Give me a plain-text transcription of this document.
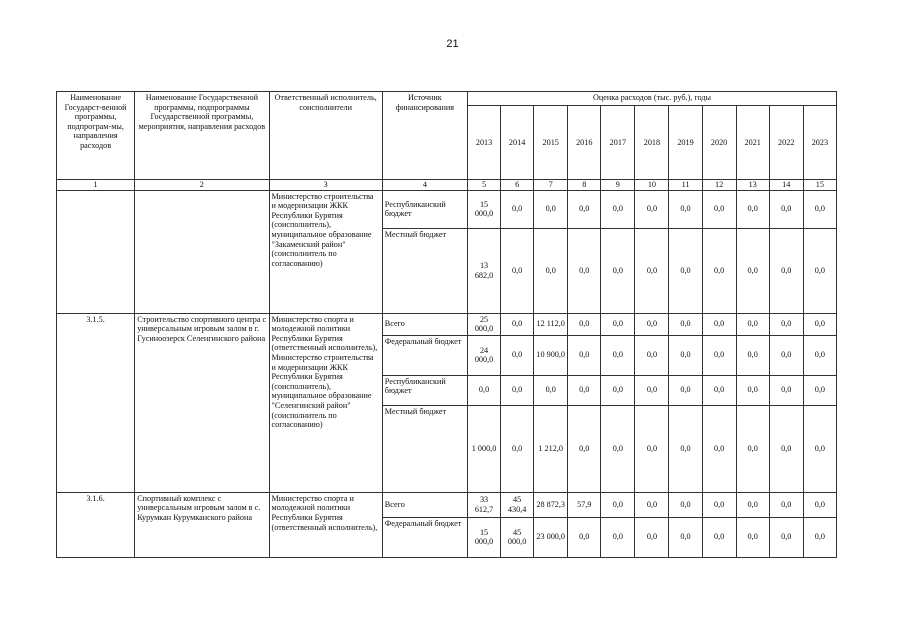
21
Наименование Государст-венной программы, подпрограм-мы, направления расходов	Наименование Государственной программы, подпрограммы Государственной программы, мероприятия, направления расходов	Ответственный исполнитель, соисполнители	Источник финансирования	Оценка расходов (тыс. руб.), годы										
				2013	2014	2015	2016	2017	2018	2019	2020	2021	2022	2023
1	2	3	4	5	6	7	8	9	10	11	12	13	14	15
		Министерство строительства и модернизации ЖКК Республики Бурятия (соисполнитель), муниципальное образование "Закаменский район" (соисполнитель по согласованию)	Республиканский бюджет	15 000,0	0,0	0,0	0,0	0,0	0,0	0,0	0,0	0,0	0,0	0,0
			Местный бюджет	13 682,0	0,0	0,0	0,0	0,0	0,0	0,0	0,0	0,0	0,0	0,0
3.1.5.	Строительство спортивного центра с универсальным игровым залом в г. Гусиноозерск Селенгинского района	Министерство спорта и молодежной политики Республики Бурятия (ответственный исполнитель), Министерство строительства и модернизации ЖКК Республики Бурятия (соисполнитель), муниципальное образование "Селенгинский район" (соисполнитель по согласованию)	Всего	25 000,0	0,0	12 112,0	0,0	0,0	0,0	0,0	0,0	0,0	0,0	0,0
			Федеральный бюджет	24 000,0	0,0	10 900,0	0,0	0,0	0,0	0,0	0,0	0,0	0,0	0,0
			Республиканский бюджет	0,0	0,0	0,0	0,0	0,0	0,0	0,0	0,0	0,0	0,0	0,0
			Местный бюджет	1 000,0	0,0	1 212,0	0,0	0,0	0,0	0,0	0,0	0,0	0,0	0,0
3.1.6.	Спортивный комплекс с универсальным игровым залом в с. Курумкан Курумканского района	Министерство спорта и молодежной политики Республики Бурятия (ответственный исполнитель),	Всего	33 612,7	45 430,4	28 872,3	57,9	0,0	0,0	0,0	0,0	0,0	0,0	0,0
			Федеральный бюджет	15 000,0	45 000,0	23 000,0	0,0	0,0	0,0	0,0	0,0	0,0	0,0	0,0
